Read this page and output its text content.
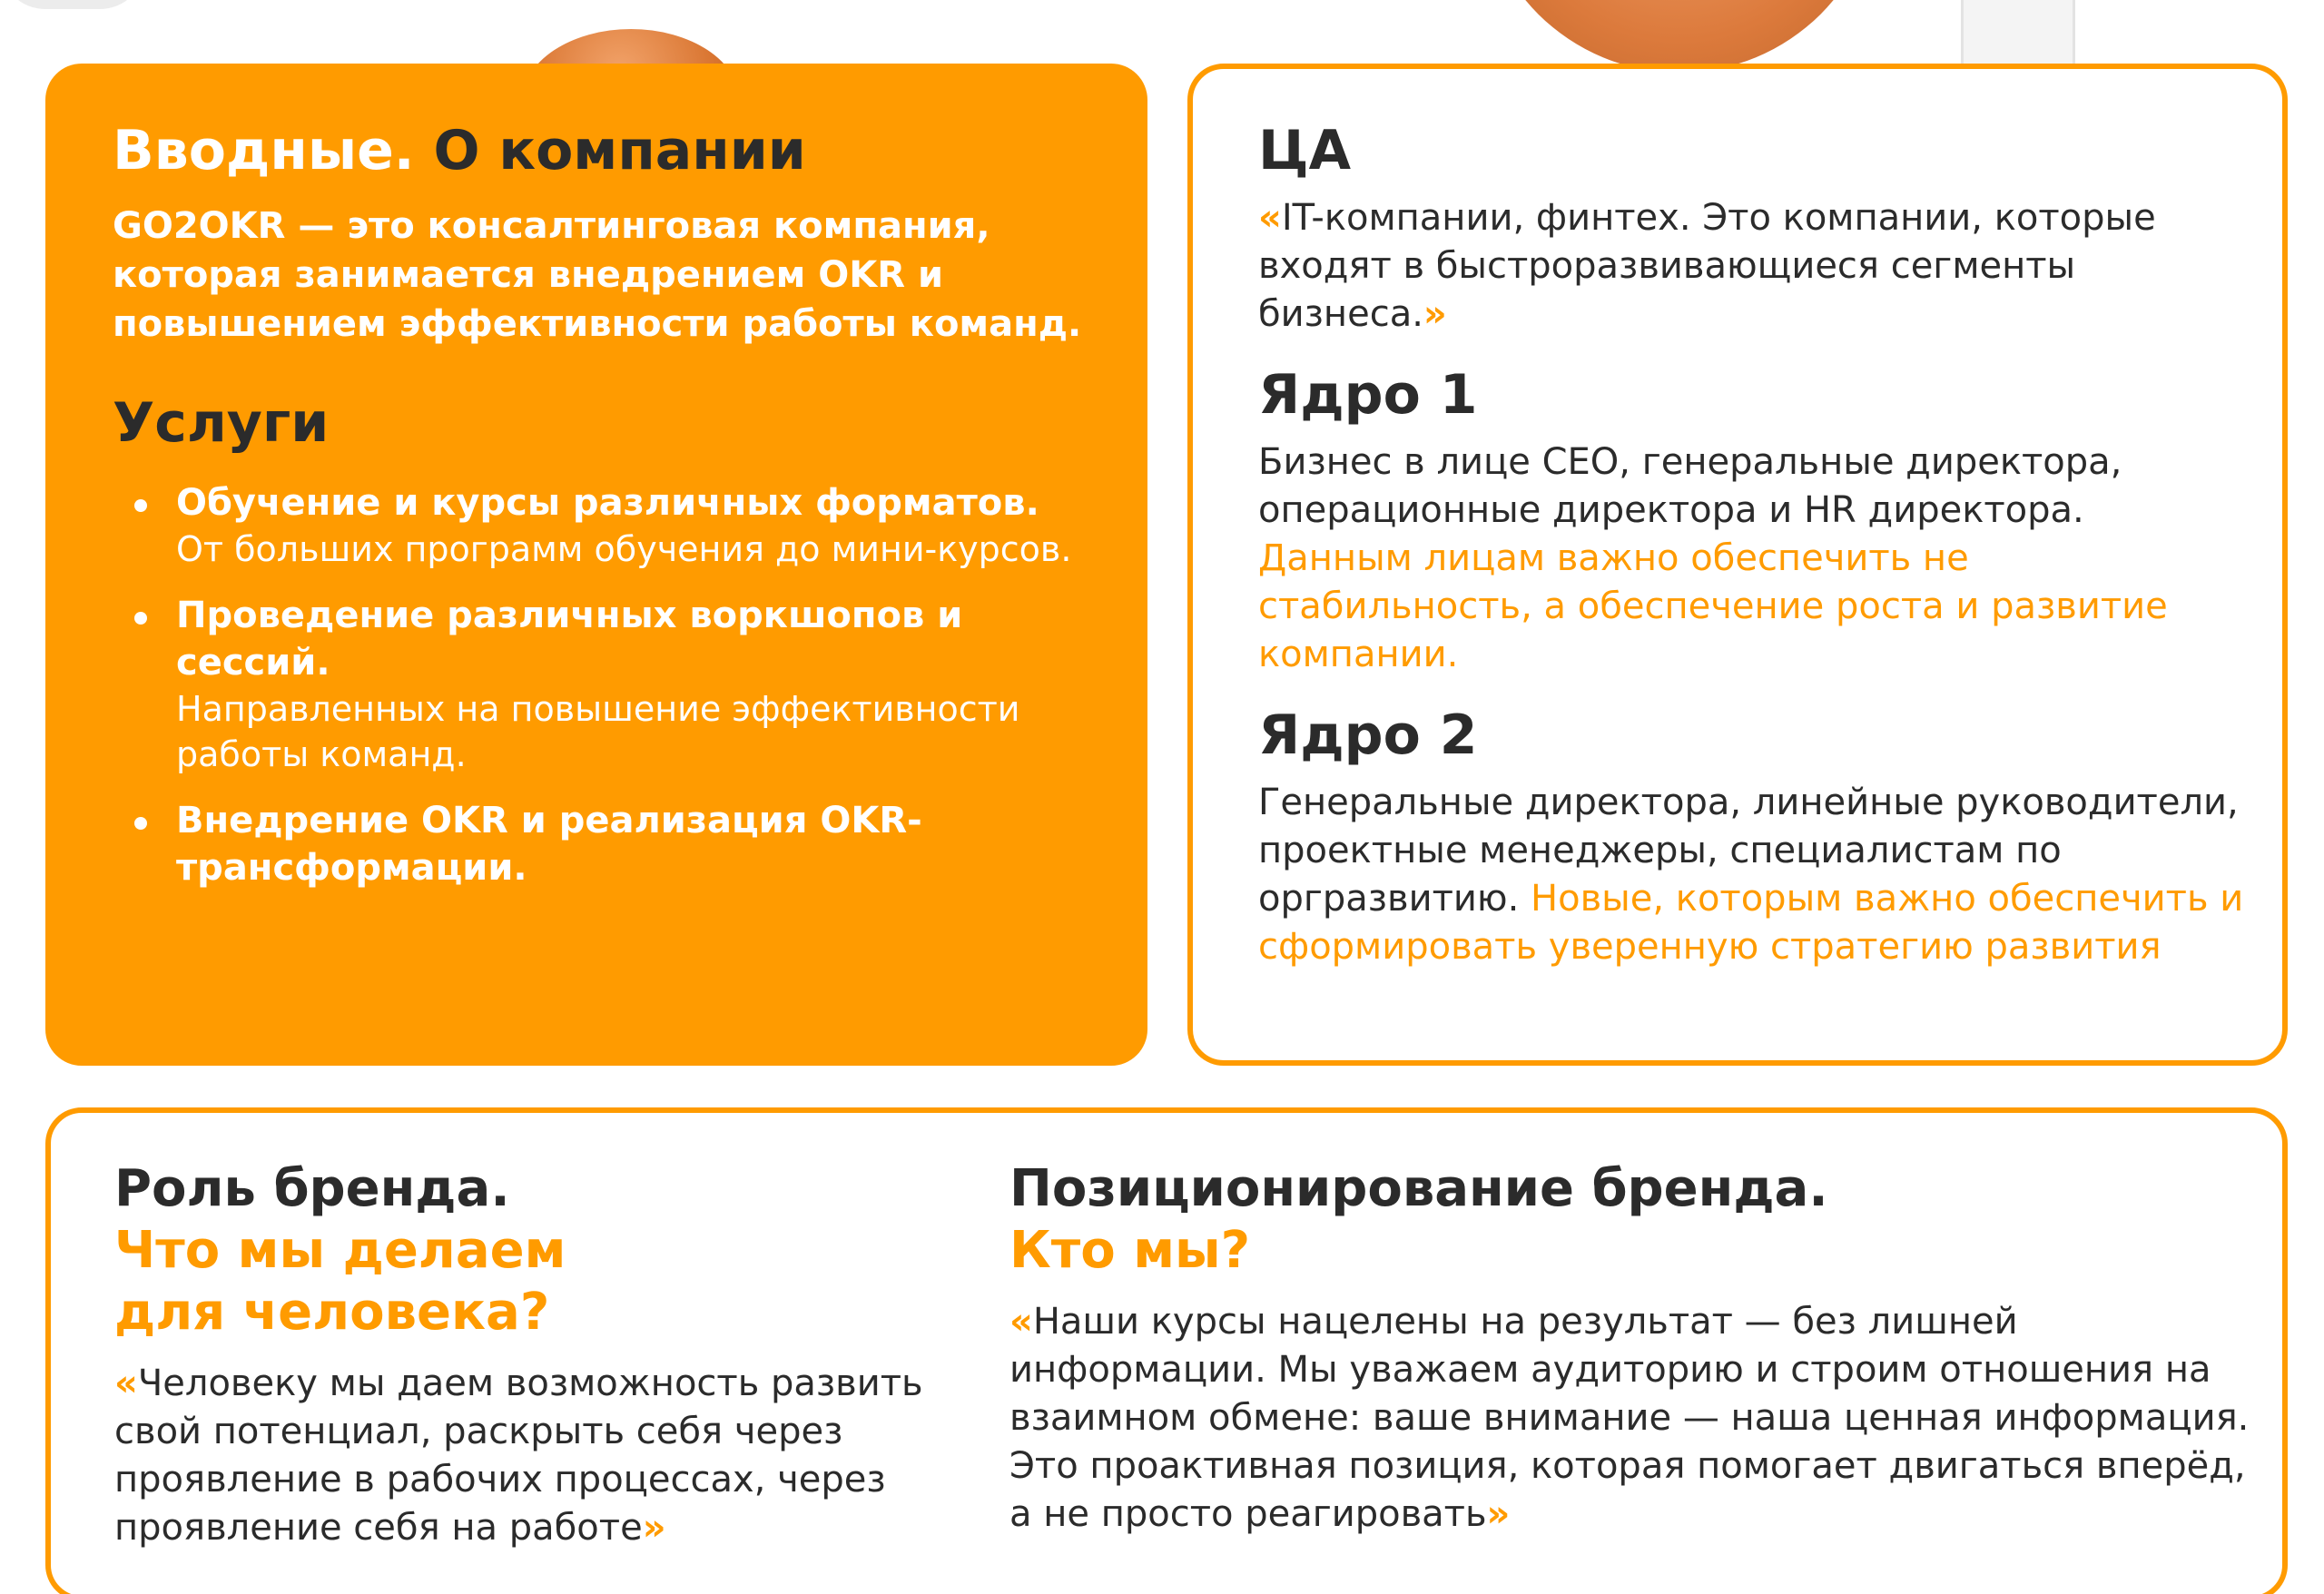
Вводные. О компании

GO2OKR — это консалтинговая компания, которая занимается внедрением OKR и повышением эффективности работы команд.

Услуги
Обучение и курсы различных форматов.
От больших программ обучения до мини-курсов.
Проведение различных воркшопов и сессий.
Направленных на повышение эффективности работы команд.
Внедрение OKR и реализация OKR-трансформации.
ЦА

«IT-компании, финтех. Это компании, которые входят в быстроразвивающиеся сегменты бизнеса.»

Ядро 1

Бизнес в лице CEO, генеральные директора, операционные директора и HR директора. Данным лицам важно обеспечить не стабильность, а обеспечение роста и развитие компании.

Ядро 2

Генеральные директора, линейные руководители, проектные менеджеры, специалистам по оргразвитию. Новые, которым важно обеспечить и сформировать уверенную стратегию развития

Роль бренда.
Что мы делаем
для человека?

«Человеку мы даем возможность развить свой потенциал, раскрыть себя через проявление в рабочих процессах, через проявление себя на работе»

Позиционирование бренда.
Кто мы?

«Наши курсы нацелены на результат — без лишней информации. Мы уважаем аудиторию и строим отношения на взаимном обмене: ваше внимание — наша ценная информация. Это проактивная позиция, которая помогает двигаться вперёд, а не просто реагировать»
